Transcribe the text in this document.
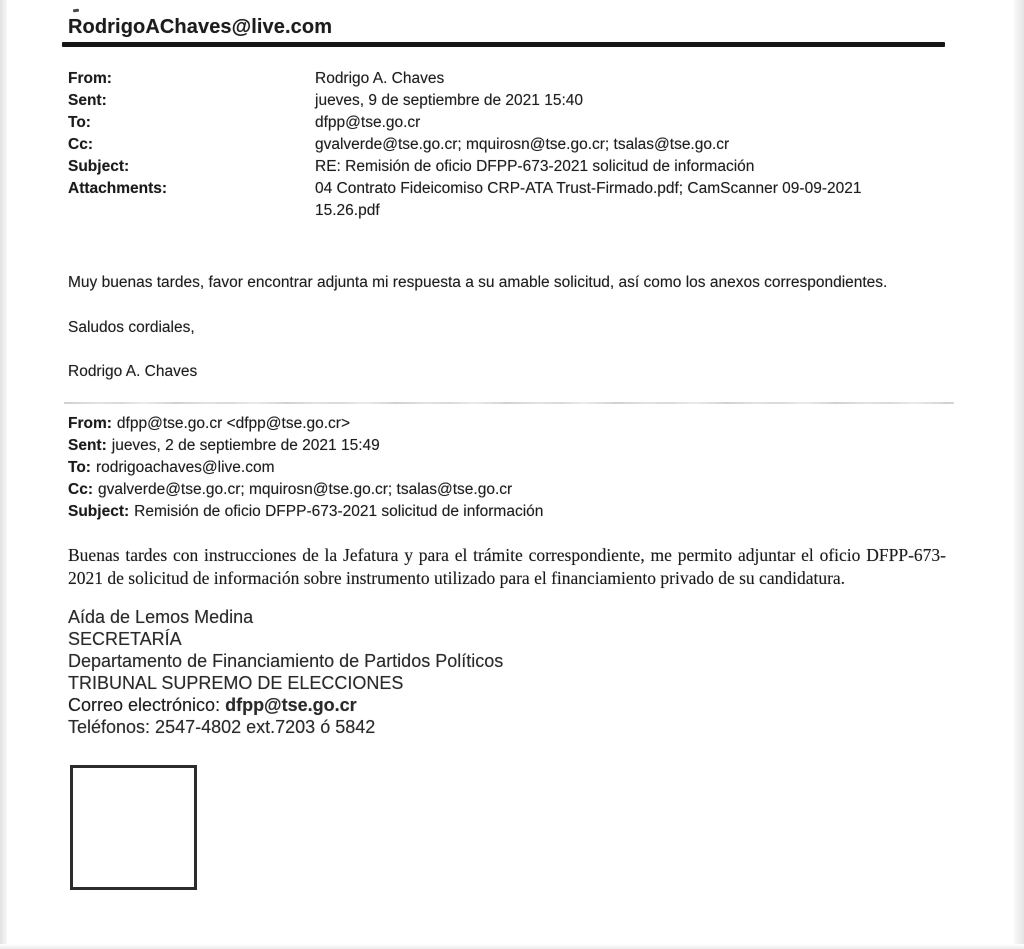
RodrigoAChaves@live.com
From:	Rodrigo A. Chaves
Sent:	jueves, 9 de septiembre de 2021 15:40
To:	dfpp@tse.go.cr
Cc:	gvalverde@tse.go.cr; mquirosn@tse.go.cr; tsalas@tse.go.cr
Subject:	RE: Remisión de oficio DFPP-673-2021 solicitud de información
Attachments:	04 Contrato Fideicomiso CRP-ATA Trust-Firmado.pdf; CamScanner 09-09-2021 15.26.pdf
Muy buenas tardes, favor encontrar adjunta mi respuesta a su amable solicitud, así como los anexos correspondientes.
Saludos cordiales,
Rodrigo A. Chaves
From: dfpp@tse.go.cr <dfpp@tse.go.cr>
Sent: jueves, 2 de septiembre de 2021 15:49
To: rodrigoachaves@live.com
Cc: gvalverde@tse.go.cr; mquirosn@tse.go.cr; tsalas@tse.go.cr
Subject: Remisión de oficio DFPP-673-2021 solicitud de información
Buenas tardes con instrucciones de la Jefatura y para el trámite correspondiente, me permito adjuntar el oficio DFPP-673-2021 de solicitud de información sobre instrumento utilizado para el financiamiento privado de su candidatura.
Aída de Lemos Medina
SECRETARÍA
Departamento de Financiamiento de Partidos Políticos
TRIBUNAL SUPREMO DE ELECCIONES
Correo electrónico: dfpp@tse.go.cr
Teléfonos: 2547-4802 ext.7203 ó 5842
